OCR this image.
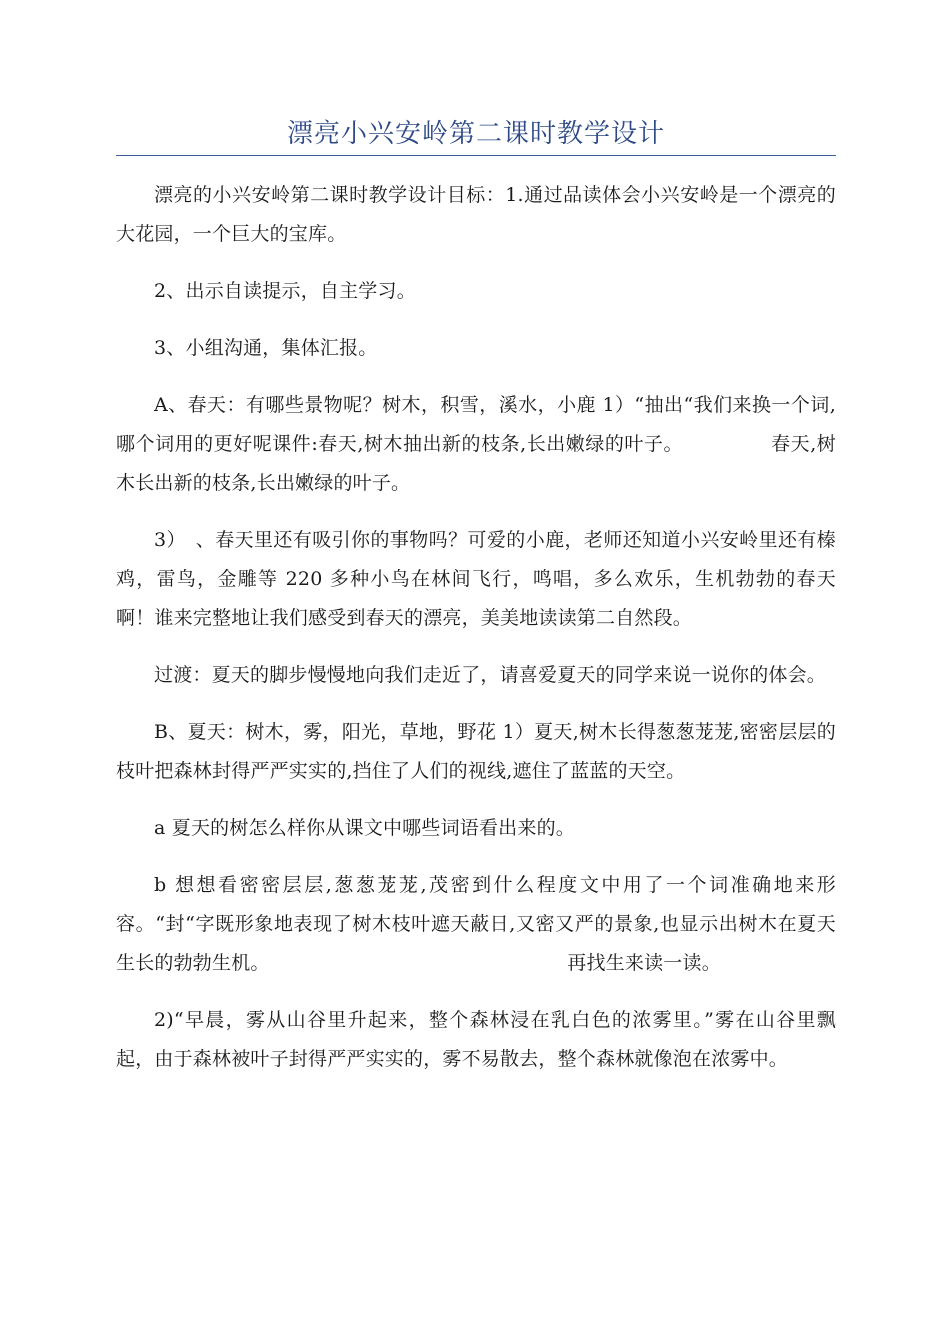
漂亮小兴安岭第二课时教学设计

漂亮的小兴安岭第二课时教学设计目标：1.通过品读体会小兴安岭是一个漂亮的大花园，一个巨大的宝库。

2、出示自读提示，自主学习。

3、小组沟通，集体汇报。

A、春天：有哪些景物呢？树木，积雪，溪水，小鹿 1）“抽出“我们来换一个词,哪个词用的更好呢课件:春天,树木抽出新的枝条,长出嫩绿的叶子。　　　　　春天,树木长出新的枝条,长出嫩绿的叶子。

3）　、春天里还有吸引你的事物吗？可爱的小鹿，老师还知道小兴安岭里还有榛鸡，雷鸟，金雕等 220 多种小鸟在林间飞行，鸣唱，多么欢乐，生机勃勃的春天啊！谁来完整地让我们感受到春天的漂亮，美美地读读第二自然段。

过渡：夏天的脚步慢慢地向我们走近了，请喜爱夏天的同学来说一说你的体会。

B、夏天：树木，雾，阳光，草地，野花 1）夏天,树木长得葱葱茏茏,密密层层的枝叶把森林封得严严实实的,挡住了人们的视线,遮住了蓝蓝的天空。

a 夏天的树怎么样你从课文中哪些词语看出来的。

b 想想看密密层层,葱葱茏茏,茂密到什么程度文中用了一个词准确地来形容。“封“字既形象地表现了树木枝叶遮天蔽日,又密又严的景象,也显示出树木在夏天生长的勃勃生机。　　　　　　　　　　　　　　　　再找生来读一读。

2)“早晨，雾从山谷里升起来，整个森林浸在乳白色的浓雾里。”雾在山谷里飘起，由于森林被叶子封得严严实实的，雾不易散去，整个森林就像泡在浓雾中。
